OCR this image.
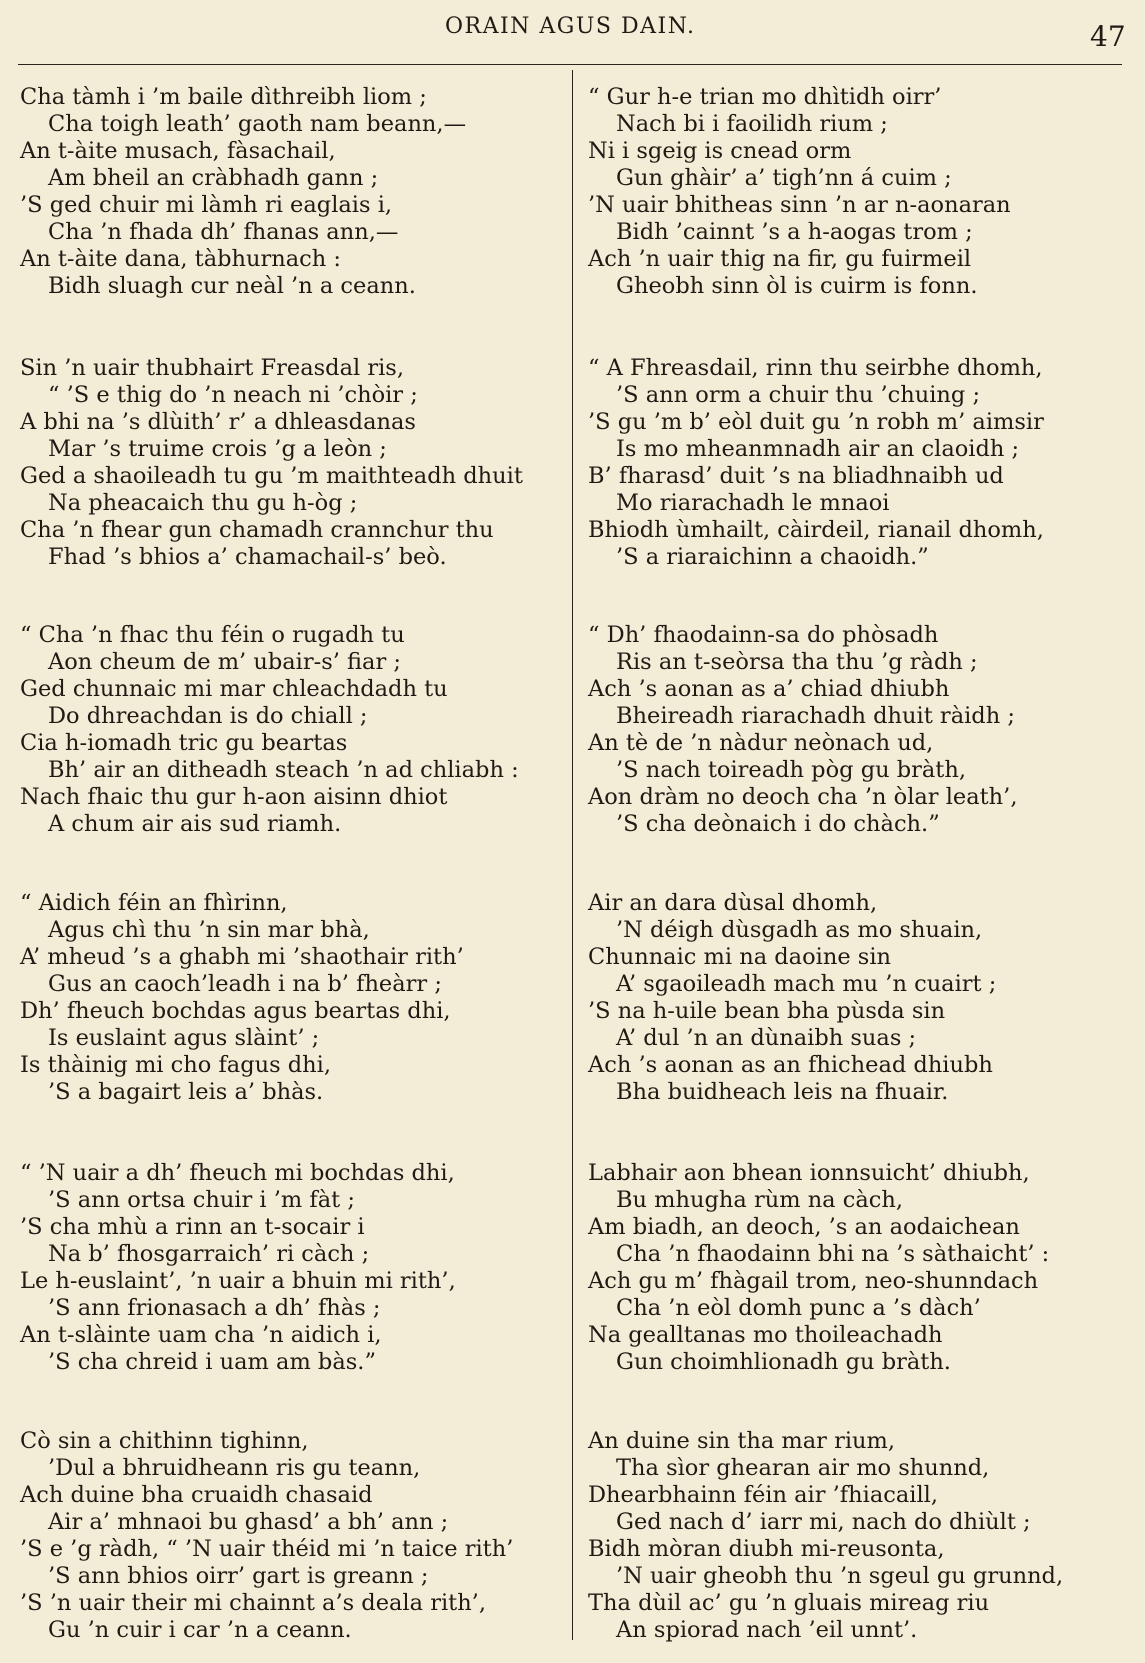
ORAIN AGUS DAIN.	47
Cha tàmh i ’m baile dìthreibh liom ;
Cha toigh leath’ gaoth nam beann,—
An t-àite musach, fàsachail,
Am bheil an cràbhadh gann ;
’S ged chuir mi làmh ri eaglais i,
Cha ’n fhada dh’ fhanas ann,—
An t-àite dana, tàbhurnach :
Bidh sluagh cur neàl ’n a ceann.
Sin ’n uair thubhairt Freasdal ris,
“ ’S e thig do ’n neach ni ’chòir ;
A bhi na ’s dlùith’ r’ a dhleasdanas
Mar ’s truime crois ’g a leòn ;
Ged a shaoileadh tu gu ’m maithteadh dhuit
Na pheacaich thu gu h-òg ;
Cha ’n fhear gun chamadh crannchur thu
Fhad ’s bhios a’ chamachail-s’ beò.
“ Cha ’n fhac thu féin o rugadh tu
Aon cheum de m’ ubair-s’ fiar ;
Ged chunnaic mi mar chleachdadh tu
Do dhreachdan is do chiall ;
Cia h-iomadh tric gu beartas
Bh’ air an ditheadh steach ’n ad chliabh :
Nach fhaic thu gur h-aon aisinn dhiot
A chum air ais sud riamh.
“ Aidich féin an fhìrinn,
Agus chì thu ’n sin mar bhà,
A’ mheud ’s a ghabh mi ’shaothair rith’
Gus an caoch’leadh i na b’ fheàrr ;
Dh’ fheuch bochdas agus beartas dhi,
Is euslaint agus slàint’ ;
Is thàinig mi cho fagus dhi,
’S a bagairt leis a’ bhàs.
“ ’N uair a dh’ fheuch mi bochdas dhi,
’S ann ortsa chuir i ’m fàt ;
’S cha mhù a rinn an t-socair i
Na b’ fhosgarraich’ ri càch ;
Le h-euslaint’, ’n uair a bhuin mi rith’,
’S ann frionasach a dh’ fhàs ;
An t-slàinte uam cha ’n aidich i,
’S cha chreid i uam am bàs.”
Cò sin a chithinn tighinn,
’Dul a bhruidheann ris gu teann,
Ach duine bha cruaidh chasaid
Air a’ mhnaoi bu ghasd’ a bh’ ann ;
’S e ’g ràdh, “ ’N uair théid mi ’n taice rith’
’S ann bhios oirr’ gart is greann ;
’S ’n uair their mi chainnt a’s deala rith’,
Gu ’n cuir i car ’n a ceann.
“ Gur h-e trian mo dhìtidh oirr’
Nach bi i faoilidh rium ;
Ni i sgeig is cnead orm
Gun ghàir’ a’ tigh’nn á cuim ;
’N uair bhitheas sinn ’n ar n-aonaran
Bidh ’cainnt ’s a h-aogas trom ;
Ach ’n uair thig na fir, gu fuirmeil
Gheobh sinn òl is cuirm is fonn.
“ A Fhreasdail, rinn thu seirbhe dhomh,
’S ann orm a chuir thu ’chuing ;
’S gu ’m b’ eòl duit gu ’n robh m’ aimsir
Is mo mheanmnadh air an claoidh ;
B’ fharasd’ duit ’s na bliadhnaibh ud
Mo riarachadh le mnaoi
Bhiodh ùmhailt, càirdeil, rianail dhomh,
’S a riaraichinn a chaoidh.”
“ Dh’ fhaodainn-sa do phòsadh
Ris an t-seòrsa tha thu ’g ràdh ;
Ach ’s aonan as a’ chiad dhiubh
Bheireadh riarachadh dhuit ràidh ;
An tè de ’n nàdur neònach ud,
’S nach toireadh pòg gu bràth,
Aon dràm no deoch cha ’n òlar leath’,
’S cha deònaich i do chàch.”
Air an dara dùsal dhomh,
’N déigh dùsgadh as mo shuain,
Chunnaic mi na daoine sin
A’ sgaoileadh mach mu ’n cuairt ;
’S na h-uile bean bha pùsda sin
A’ dul ’n an dùnaibh suas ;
Ach ’s aonan as an fhichead dhiubh
Bha buidheach leis na fhuair.
Labhair aon bhean ionnsuicht’ dhiubh,
Bu mhugha rùm na càch,
Am biadh, an deoch, ’s an aodaichean
Cha ’n fhaodainn bhi na ’s sàthaicht’ :
Ach gu m’ fhàgail trom, neo-shunndach
Cha ’n eòl domh punc a ’s dàch’
Na gealltanas mo thoileachadh
Gun choimhlionadh gu bràth.
An duine sin tha mar rium,
Tha sìor ghearan air mo shunnd,
Dhearbhainn féin air ’fhiacaill,
Ged nach d’ iarr mi, nach do dhiùlt ;
Bidh mòran diubh mi-reusonta,
’N uair gheobh thu ’n sgeul gu grunnd,
Tha dùil ac’ gu ’n gluais mireag riu
An spiorad nach ’eil unnt’.
